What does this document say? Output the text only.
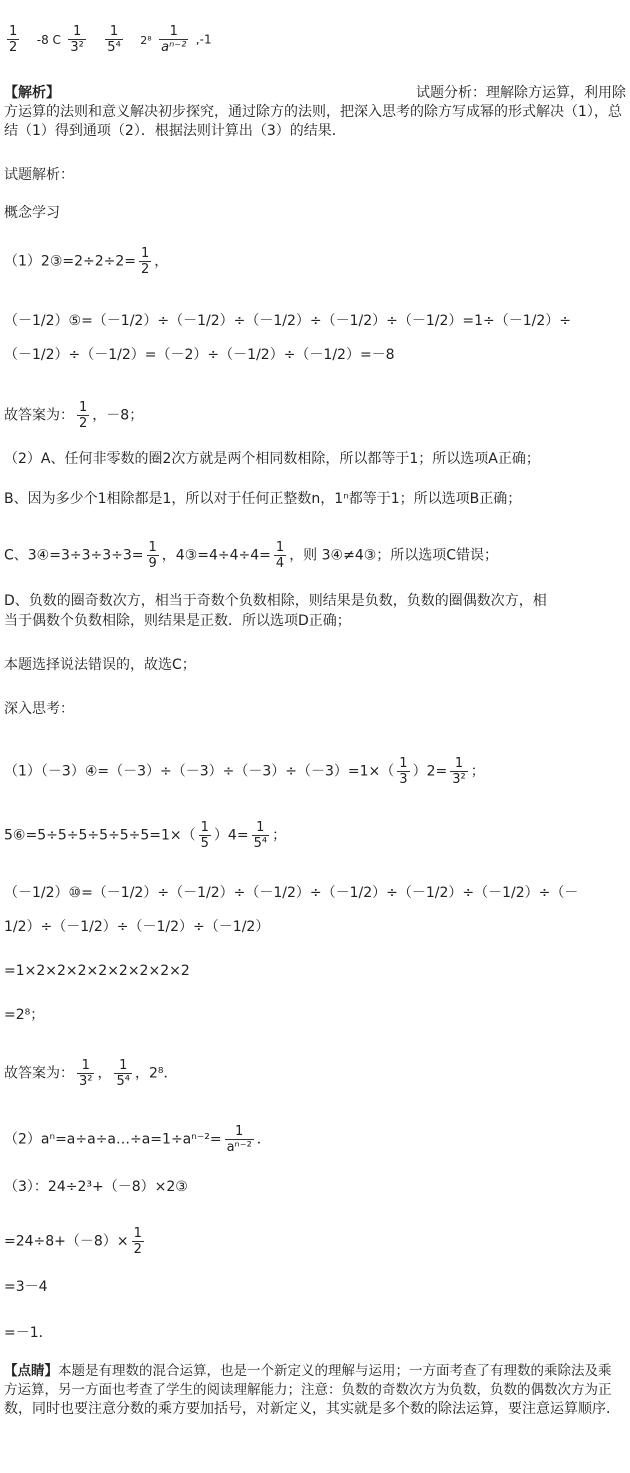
$\frac{1}{2} -8$ C $\frac{1}{\text{3²}}$
$\frac{1}{\text{5⁴}} 2^8 \frac{1}{\text{aⁿ⁻²}} ,-1$
【解析】	试题分析：理解除方运算，利用除
方运算的法则和意义解决初步探究，通过除方的法则，把深入思考的除方写成幂的形式解决（1），总
结（1）得到通项（2）．根据法则计算出（3）的结果．
试题解析：
概念学习
（1）2③=2÷2÷2= $\frac{1}{2}$ ，
（－1/2）⑤=（－1/2）÷（－1/2）÷（－1/2）÷（－1/2）÷（－1/2）=1÷（－1/2）÷
（－1/2）÷（－1/2）=（－2）÷（－1/2）÷（－1/2）=－8
故答案为： $\frac{1}{2}$ ，－8；
（2）A、任何非零数的圈2次方就是两个相同数相除，所以都等于1；所以选项A正确；
B、因为多少个1相除都是1，所以对于任何正整数n，1ⁿ都等于1；所以选项B正确；
C、3④=3÷3÷3÷3= $\frac{1}{9}$ ，4③=4÷4÷4= $\frac{1}{4}$ ，则 3④≠4③；所以选项C错误；
D、负数的圈奇数次方，相当于奇数个负数相除，则结果是负数，负数的圈偶数次方，相
当于偶数个负数相除，则结果是正数．所以选项D正确；
本题选择说法错误的，故选C；
深入思考：
（1）（－3）④=（－3）÷（－3）÷（－3）÷（－3）=1×（ $\frac{1}{3} )2= \frac{1}{\text{3²}}$ ；
5⑥=5÷5÷5÷5÷5÷5=1×（ $\frac{1}{5} )4= \frac{1}{\text{5⁴}}$ ；
（－1/2）⑩=（－1/2）÷（－1/2）÷（－1/2）÷（－1/2）÷（－1/2）÷（－1/2）÷（－
1/2）÷（－1/2）÷（－1/2）÷（－1/2）
=1×2×2×2×2×2×2×2×2
=2⁸；
故答案为： $\frac{1}{\text{3²}}$ ， $\frac{1}{\text{5⁴}}$ ，2⁸．
（2）aⁿ=a÷a÷a…÷a=1÷aⁿ⁻²= $\frac{1}{\text{aⁿ⁻²}}$ ．
（3）：24÷2³+（－8）×2③
$=24\div 8+(-8)\times \frac{1}{2}$
=3－4
=－1．
【点睛】本题是有理数的混合运算，也是一个新定义的理解与运用；一方面考查了有理数的乘除法及乘
方运算，另一方面也考查了学生的阅读理解能力；注意：负数的奇数次方为负数，负数的偶数次方为正
数，同时也要注意分数的乘方要加括号，对新定义，其实就是多个数的除法运算，要注意运算顺序．
